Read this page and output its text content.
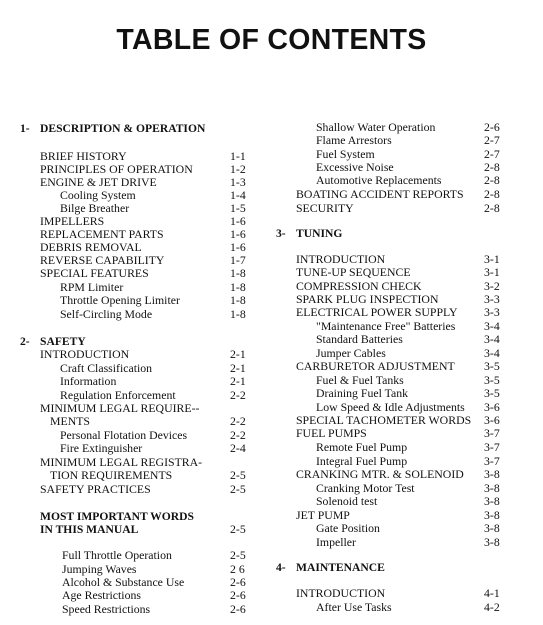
TABLE OF CONTENTS
1- DESCRIPTION & OPERATION
BRIEF HISTORY	1-1
PRINCIPLES OF OPERATION	1-2
ENGINE & JET DRIVE	1-3
Cooling System	1-4
Bilge Breather	1-5
IMPELLERS	1-6
REPLACEMENT PARTS	1-6
DEBRIS REMOVAL	1-6
REVERSE CAPABILITY	1-7
SPECIAL FEATURES	1-8
RPM Limiter	1-8
Throttle Opening Limiter	1-8
Self-Circling Mode	1-8
2- SAFETY
INTRODUCTION	2-1
Craft Classification	2-1
Information	2-1
Regulation Enforcement	2-2
MINIMUM LEGAL REQUIRE--
MENTS	2-2
Personal Flotation Devices	2-2
Fire Extinguisher	2-4
MINIMUM LEGAL REGISTRA-
TION REQUIREMENTS	2-5
SAFETY PRACTICES	2-5
MOST IMPORTANT WORDS
IN THIS MANUAL	2-5
Full Throttle Operation	2-5
Jumping Waves	2 6
Alcohol & Substance Use	2-6
Age Restrictions	2-6
Speed Restrictions	2-6
Shallow Water Operation	2-6
Flame Arrestors	2-7
Fuel System	2-7
Excessive Noise	2-8
Automotive Replacements	2-8
BOATING ACCIDENT REPORTS 2-8
SECURITY	2-8
3- TUNING
INTRODUCTION	3-1
TUNE-UP SEQUENCE	3-1
COMPRESSION CHECK	3-2
SPARK PLUG INSPECTION	3-3
ELECTRICAL POWER SUPPLY 3-3
"Maintenance Free" Batteries 3-4
Standard Batteries	3-4
Jumper Cables	3-4
CARBURETOR ADJUSTMENT 3-5
Fuel & Fuel Tanks	3-5
Draining Fuel Tank	3-5
Low Speed & Idle Adjustments 3-6
SPECIAL TACHOMETER WORDS 3-6
FUEL PUMPS	3-7
Remote Fuel Pump	3-7
Integral Fuel Pump	3-7
CRANKING MTR. & SOLENOID 3-8
Cranking Motor Test	3-8
Solenoid test	3-8
JET PUMP	3-8
Gate Position	3-8
Impeller	3-8
4- MAINTENANCE
INTRODUCTION	4-1
After Use Tasks	4-2
